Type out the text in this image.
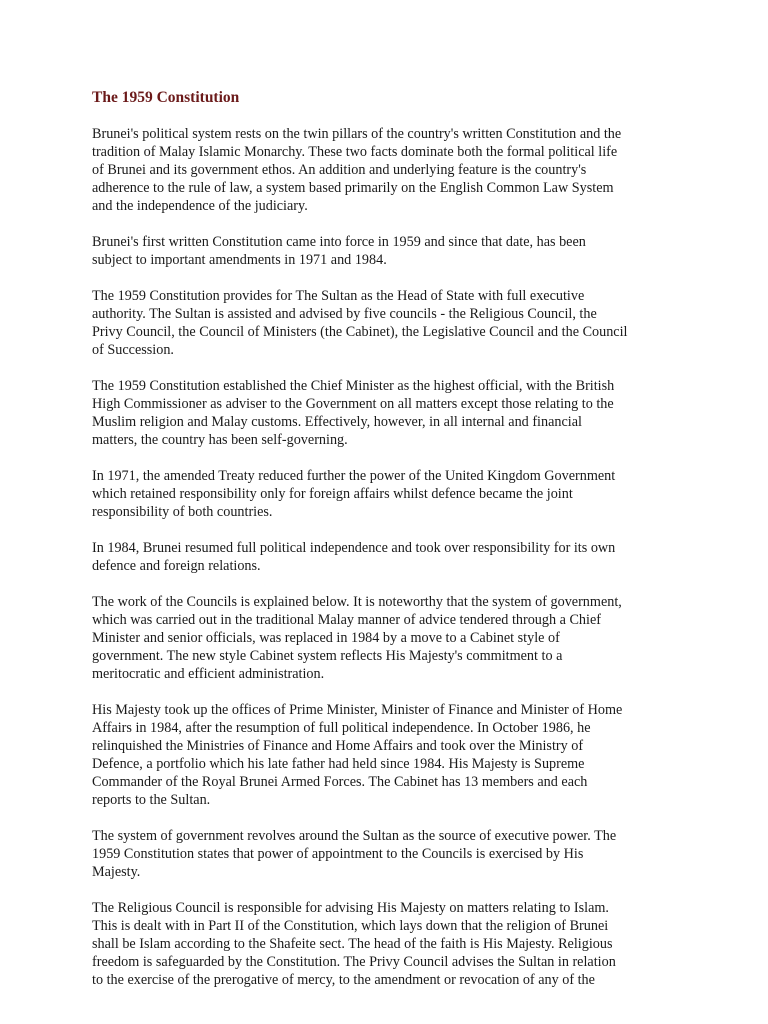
The 1959 Constitution

Brunei's political system rests on the twin pillars of the country's written Constitution and the
tradition of Malay Islamic Monarchy. These two facts dominate both the formal political life
of Brunei and its government ethos. An addition and underlying feature is the country's
adherence to the rule of law, a system based primarily on the English Common Law System
and the independence of the judiciary.

Brunei's first written Constitution came into force in 1959 and since that date, has been
subject to important amendments in 1971 and 1984.

The 1959 Constitution provides for The Sultan as the Head of State with full executive
authority. The Sultan is assisted and advised by five councils - the Religious Council, the
Privy Council, the Council of Ministers (the Cabinet), the Legislative Council and the Council
of Succession.

The 1959 Constitution established the Chief Minister as the highest official, with the British
High Commissioner as adviser to the Government on all matters except those relating to the
Muslim religion and Malay customs. Effectively, however, in all internal and financial
matters, the country has been self-governing.

In 1971, the amended Treaty reduced further the power of the United Kingdom Government
which retained responsibility only for foreign affairs whilst defence became the joint
responsibility of both countries.

In 1984, Brunei resumed full political independence and took over responsibility for its own
defence and foreign relations.

The work of the Councils is explained below. It is noteworthy that the system of government,
which was carried out in the traditional Malay manner of advice tendered through a Chief
Minister and senior officials, was replaced in 1984 by a move to a Cabinet style of
government. The new style Cabinet system reflects His Majesty's commitment to a
meritocratic and efficient administration.

His Majesty took up the offices of Prime Minister, Minister of Finance and Minister of Home
Affairs in 1984, after the resumption of full political independence. In October 1986, he
relinquished the Ministries of Finance and Home Affairs and took over the Ministry of
Defence, a portfolio which his late father had held since 1984. His Majesty is Supreme
Commander of the Royal Brunei Armed Forces. The Cabinet has 13 members and each
reports to the Sultan.

The system of government revolves around the Sultan as the source of executive power. The
1959 Constitution states that power of appointment to the Councils is exercised by His
Majesty.

The Religious Council is responsible for advising His Majesty on matters relating to Islam.
This is dealt with in Part II of the Constitution, which lays down that the religion of Brunei
shall be Islam according to the Shafeite sect. The head of the faith is His Majesty. Religious
freedom is safeguarded by the Constitution. The Privy Council advises the Sultan in relation
to the exercise of the prerogative of mercy, to the amendment or revocation of any of the
